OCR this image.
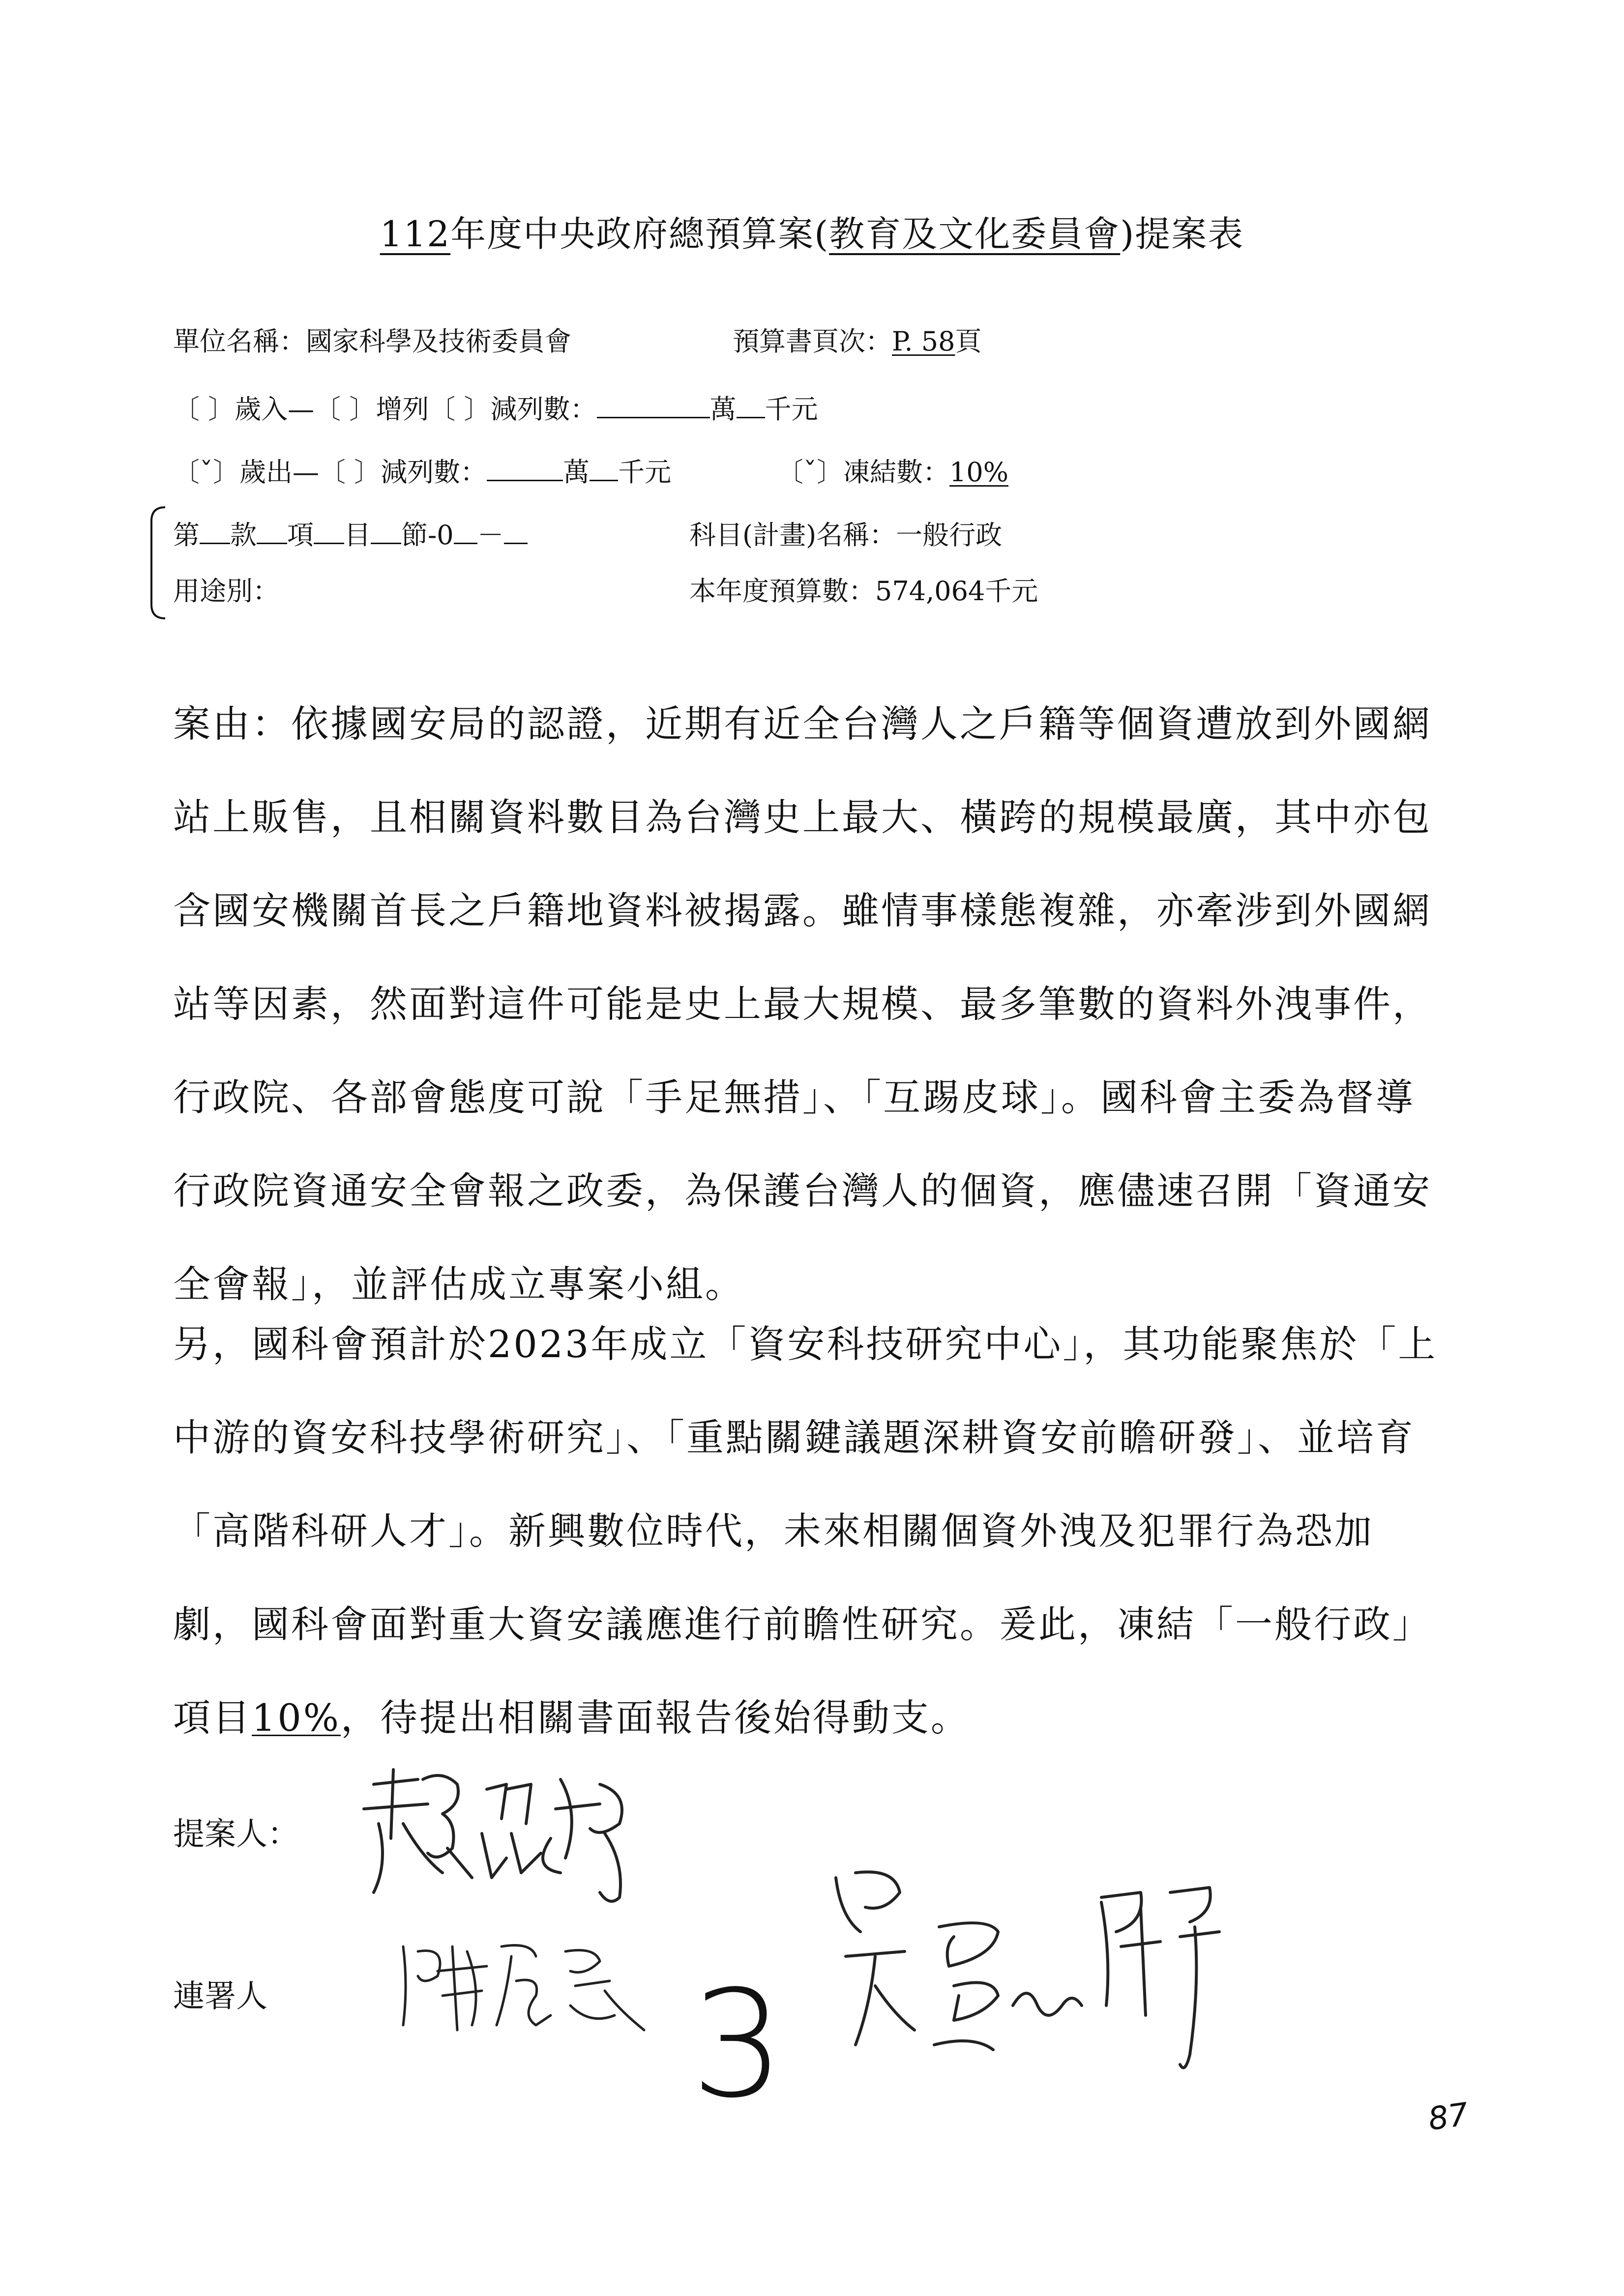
112年度中央政府總預算案(教育及文化委員會)提案表
單位名稱：國家科學及技術委員會	預算書頁次：P. 58頁
〔 〕歲入—〔 〕增列〔 〕減列數：	萬 千元
〔ˇ〕歲出—〔 〕減列數：	萬 千元	〔ˇ〕凍結數：10%
第 款 項 目 節-0 －	科目(計畫)名稱：一般行政
用途別：	本年度預算數：574,064千元

案由：依據國安局的認證，近期有近全台灣人之戶籍等個資遭放到外國網站上販售，且相關資料數目為台灣史上最大、橫跨的規模最廣，其中亦包含國安機關首長之戶籍地資料被揭露。雖情事樣態複雜，亦牽涉到外國網站等因素，然面對這件可能是史上最大規模、最多筆數的資料外洩事件，行政院、各部會態度可說「手足無措」、「互踢皮球」。國科會主委為督導行政院資通安全會報之政委，為保護台灣人的個資，應儘速召開「資通安全會報」，並評估成立專案小組。

另，國科會預計於2023年成立「資安科技研究中心」，其功能聚焦於「上中游的資安科技學術研究」、「重點關鍵議題深耕資安前瞻研發」、並培育「高階科研人才」。新興數位時代，未來相關個資外洩及犯罪行為恐加劇，國科會面對重大資安議應進行前瞻性研究。爰此，凍結「一般行政」項目10%，待提出相關書面報告後始得動支。

提案人：
連署人
賴品妤
陳秀寶 3	吳思瑤	87
